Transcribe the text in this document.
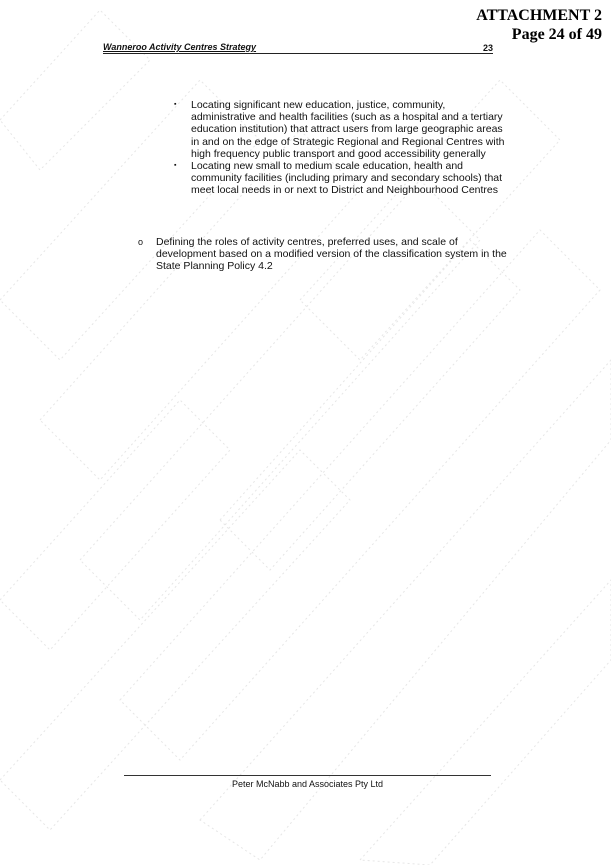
ATTACHMENT 2
Page 24 of 49
Wanneroo Activity Centres Strategy	23
▪ Locating significant new education, justice, community, administrative and health facilities (such as a hospital and a tertiary education institution) that attract users from large geographic areas in and on the edge of Strategic Regional and Regional Centres with high frequency public transport and good accessibility generally
▪ Locating new small to medium scale education, health and community facilities (including primary and secondary schools) that meet local needs in or next to District and Neighbourhood Centres
o	Defining the roles of activity centres, preferred uses, and scale of development based on a modified version of the classification system in the State Planning Policy 4.2
Peter McNabb and Associates Pty Ltd
